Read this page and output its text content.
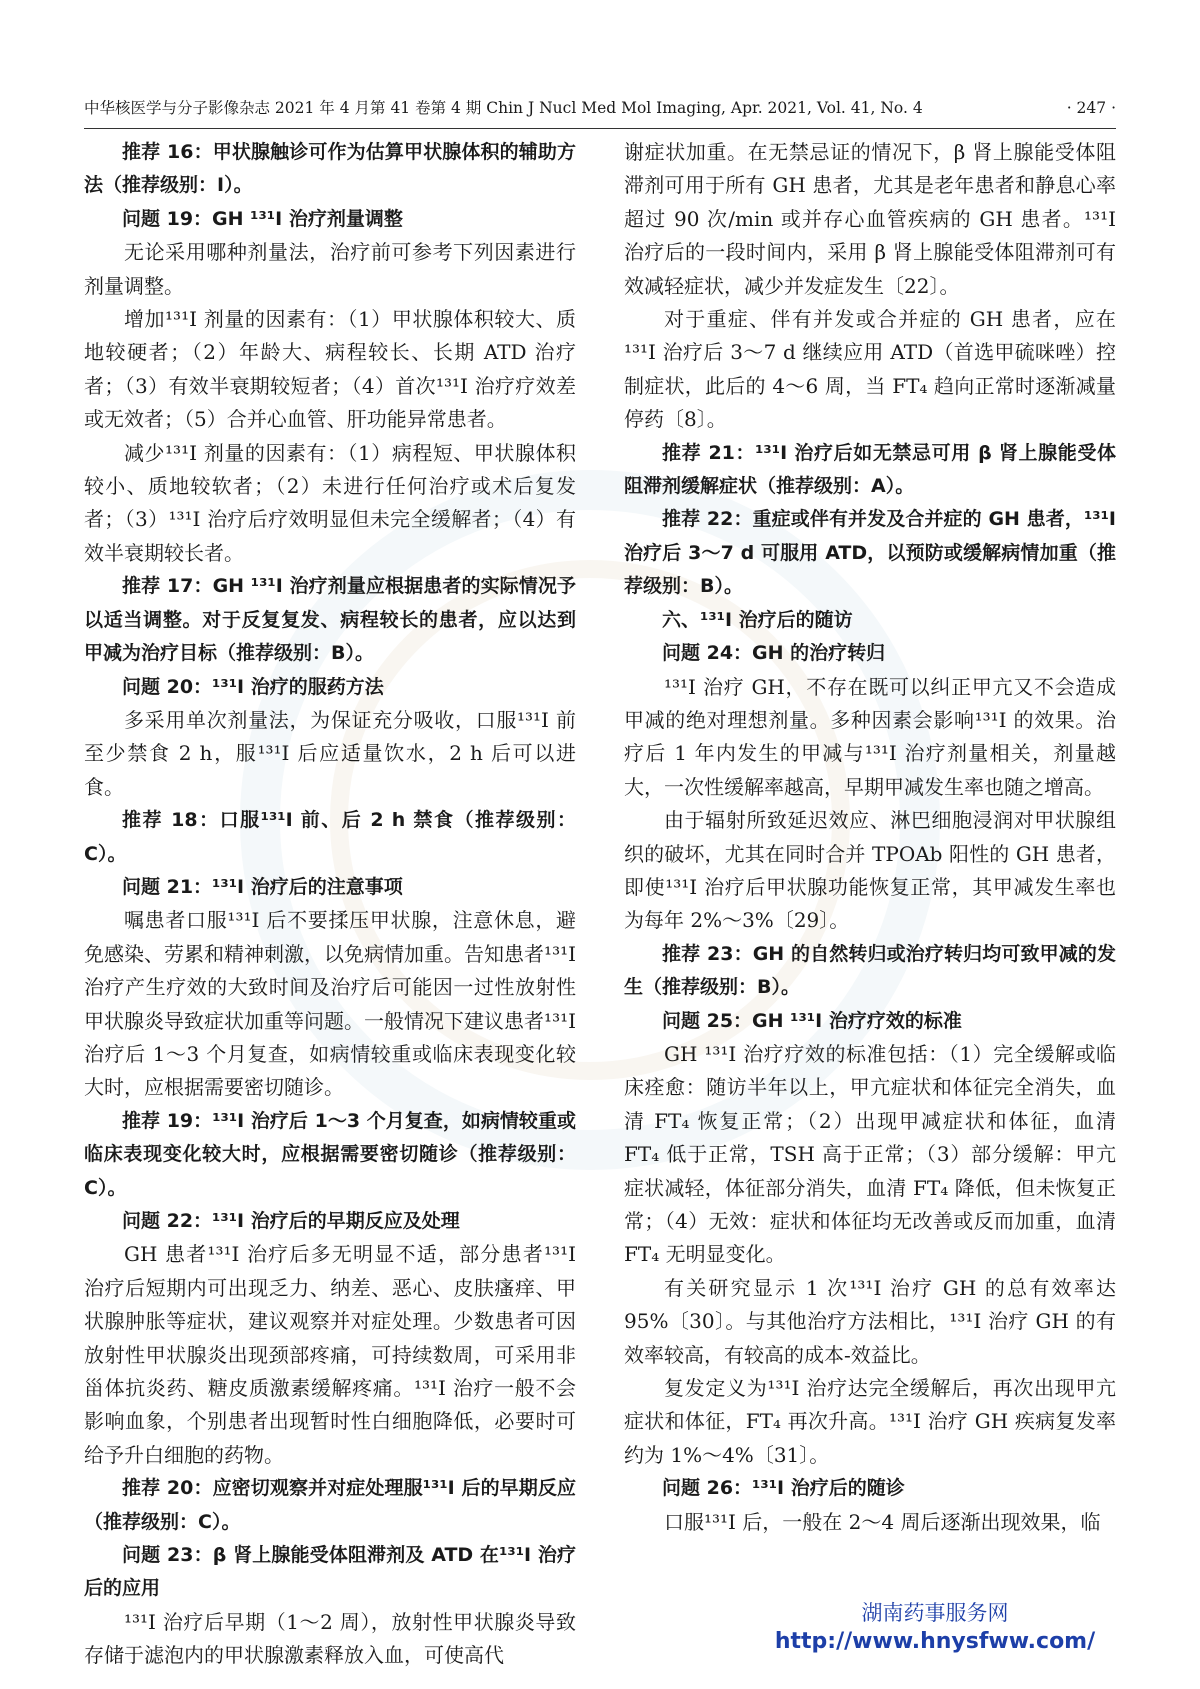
中华核医学与分子影像杂志 2021 年 4 月第 41 卷第 4 期 Chin J Nucl Med Mol Imaging, Apr. 2021, Vol. 41, No. 4	· 247 ·

推荐 16：甲状腺触诊可作为估算甲状腺体积的辅助方法（推荐级别：I）。

问题 19：GH ¹³¹I 治疗剂量调整

无论采用哪种剂量法，治疗前可参考下列因素进行剂量调整。

增加¹³¹I 剂量的因素有：（1）甲状腺体积较大、质地较硬者；（2）年龄大、病程较长、长期 ATD 治疗者；（3）有效半衰期较短者；（4）首次¹³¹I 治疗疗效差或无效者；（5）合并心血管、肝功能异常患者。

减少¹³¹I 剂量的因素有：（1）病程短、甲状腺体积较小、质地较软者；（2）未进行任何治疗或术后复发者；（3）¹³¹I 治疗后疗效明显但未完全缓解者；（4）有效半衰期较长者。

推荐 17：GH ¹³¹I 治疗剂量应根据患者的实际情况予以适当调整。对于反复复发、病程较长的患者，应以达到甲减为治疗目标（推荐级别：B）。

问题 20：¹³¹I 治疗的服药方法

多采用单次剂量法，为保证充分吸收，口服¹³¹I 前至少禁食 2 h，服¹³¹I 后应适量饮水，2 h 后可以进食。

推荐 18：口服¹³¹I 前、后 2 h 禁食（推荐级别：C）。

问题 21：¹³¹I 治疗后的注意事项

嘱患者口服¹³¹I 后不要揉压甲状腺，注意休息，避免感染、劳累和精神刺激，以免病情加重。告知患者¹³¹I 治疗产生疗效的大致时间及治疗后可能因一过性放射性甲状腺炎导致症状加重等问题。一般情况下建议患者¹³¹I 治疗后 1～3 个月复查，如病情较重或临床表现变化较大时，应根据需要密切随诊。

推荐 19：¹³¹I 治疗后 1～3 个月复查，如病情较重或临床表现变化较大时，应根据需要密切随诊（推荐级别：C）。

问题 22：¹³¹I 治疗后的早期反应及处理

GH 患者¹³¹I 治疗后多无明显不适，部分患者¹³¹I 治疗后短期内可出现乏力、纳差、恶心、皮肤瘙痒、甲状腺肿胀等症状，建议观察并对症处理。少数患者可因放射性甲状腺炎出现颈部疼痛，可持续数周，可采用非甾体抗炎药、糖皮质激素缓解疼痛。¹³¹I 治疗一般不会影响血象，个别患者出现暂时性白细胞降低，必要时可给予升白细胞的药物。

推荐 20：应密切观察并对症处理服¹³¹I 后的早期反应（推荐级别：C）。

问题 23：β 肾上腺能受体阻滞剂及 ATD 在¹³¹I 治疗后的应用

¹³¹I 治疗后早期（1～2 周），放射性甲状腺炎导致存储于滤泡内的甲状腺激素释放入血，可使高代

谢症状加重。在无禁忌证的情况下，β 肾上腺能受体阻滞剂可用于所有 GH 患者，尤其是老年患者和静息心率超过 90 次/min 或并存心血管疾病的 GH 患者。¹³¹I 治疗后的一段时间内，采用 β 肾上腺能受体阻滞剂可有效减轻症状，减少并发症发生〔22〕。

对于重症、伴有并发或合并症的 GH 患者，应在¹³¹I 治疗后 3～7 d 继续应用 ATD（首选甲硫咪唑）控制症状，此后的 4～6 周，当 FT₄ 趋向正常时逐渐减量停药〔8〕。

推荐 21：¹³¹I 治疗后如无禁忌可用 β 肾上腺能受体阻滞剂缓解症状（推荐级别：A）。

推荐 22：重症或伴有并发及合并症的 GH 患者，¹³¹I 治疗后 3～7 d 可服用 ATD，以预防或缓解病情加重（推荐级别：B）。

六、¹³¹I 治疗后的随访

问题 24：GH 的治疗转归

¹³¹I 治疗 GH，不存在既可以纠正甲亢又不会造成甲减的绝对理想剂量。多种因素会影响¹³¹I 的效果。治疗后 1 年内发生的甲减与¹³¹I 治疗剂量相关，剂量越大，一次性缓解率越高，早期甲减发生率也随之增高。

由于辐射所致延迟效应、淋巴细胞浸润对甲状腺组织的破坏，尤其在同时合并 TPOAb 阳性的 GH 患者，即使¹³¹I 治疗后甲状腺功能恢复正常，其甲减发生率也为每年 2%～3%〔29〕。

推荐 23：GH 的自然转归或治疗转归均可致甲减的发生（推荐级别：B）。

问题 25：GH ¹³¹I 治疗疗效的标准

GH ¹³¹I 治疗疗效的标准包括：（1）完全缓解或临床痊愈：随访半年以上，甲亢症状和体征完全消失，血清 FT₄ 恢复正常；（2）出现甲减症状和体征，血清 FT₄ 低于正常，TSH 高于正常；（3）部分缓解：甲亢症状减轻，体征部分消失，血清 FT₄ 降低，但未恢复正常；（4）无效：症状和体征均无改善或反而加重，血清 FT₄ 无明显变化。

有关研究显示 1 次¹³¹I 治疗 GH 的总有效率达 95%〔30〕。与其他治疗方法相比，¹³¹I 治疗 GH 的有效率较高，有较高的成本-效益比。

复发定义为¹³¹I 治疗达完全缓解后，再次出现甲亢症状和体征，FT₄ 再次升高。¹³¹I 治疗 GH 疾病复发率约为 1%～4%〔31〕。

问题 26：¹³¹I 治疗后的随诊

口服¹³¹I 后，一般在 2～4 周后逐渐出现效果，临

湖南药事服务网
http://www.hnysfww.com/
